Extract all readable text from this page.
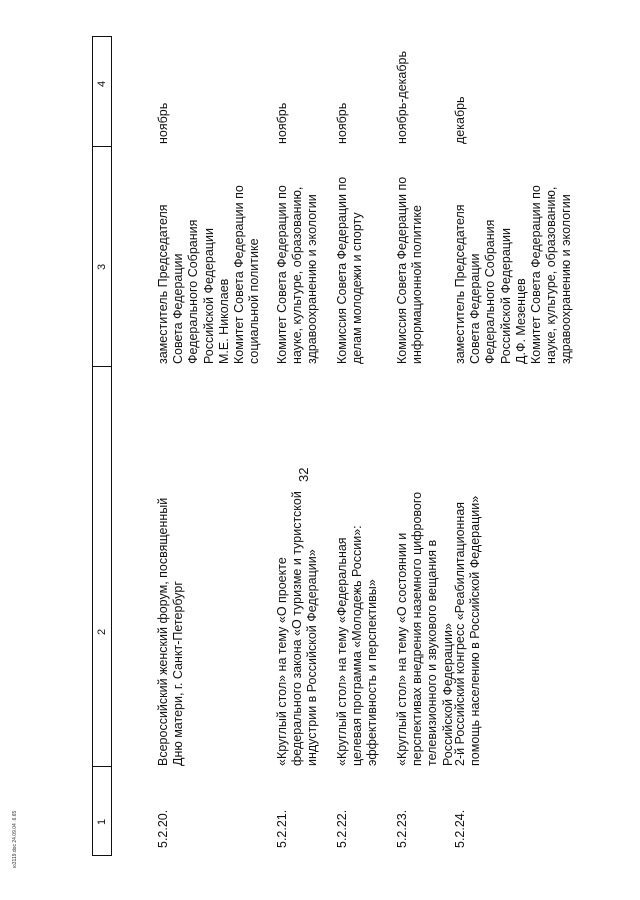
32
1
2
3
4
5.2.20.
Всероссийский женский форум, посвященный Дню матери, г. Санкт-Петербург
заместитель Председателя
Совета Федерации
Федерального Собрания
Российской Федерации
М.Е. Николаев
Комитет Совета Федерации по социальной политике
ноябрь
5.2.21.
«Круглый стол» на тему «О проекте федерального закона «О туризме и туристской индустрии в Российской Федерации»
Комитет Совета Федерации по науке, культуре, образованию, здравоохранению и экологии
ноябрь
5.2.22.
«Круглый стол» на тему «Федеральная целевая программа «Молодежь России»: эффективность и перспективы»
Комиссия Совета Федерации по делам молодежи и спорту
ноябрь
5.2.23.
«Круглый стол» на тему «О состоянии и перспективах внедрения наземного цифрового телевизионного и звукового вещания в Российской Федерации»
Комиссия Совета Федерации по информационной политике
ноябрь-декабрь
5.2.24.
2-й Российский конгресс «Реабилитационная помощь населению в Российской Федерации»
заместитель Председателя
Совета Федерации
Федерального Собрания
Российской Федерации
Д.Ф. Мезенцев
Комитет Совета Федерации по науке, культуре, образованию, здравоохранению и экологии
декабрь
ю3119.doc 24.09.04 .6.65
